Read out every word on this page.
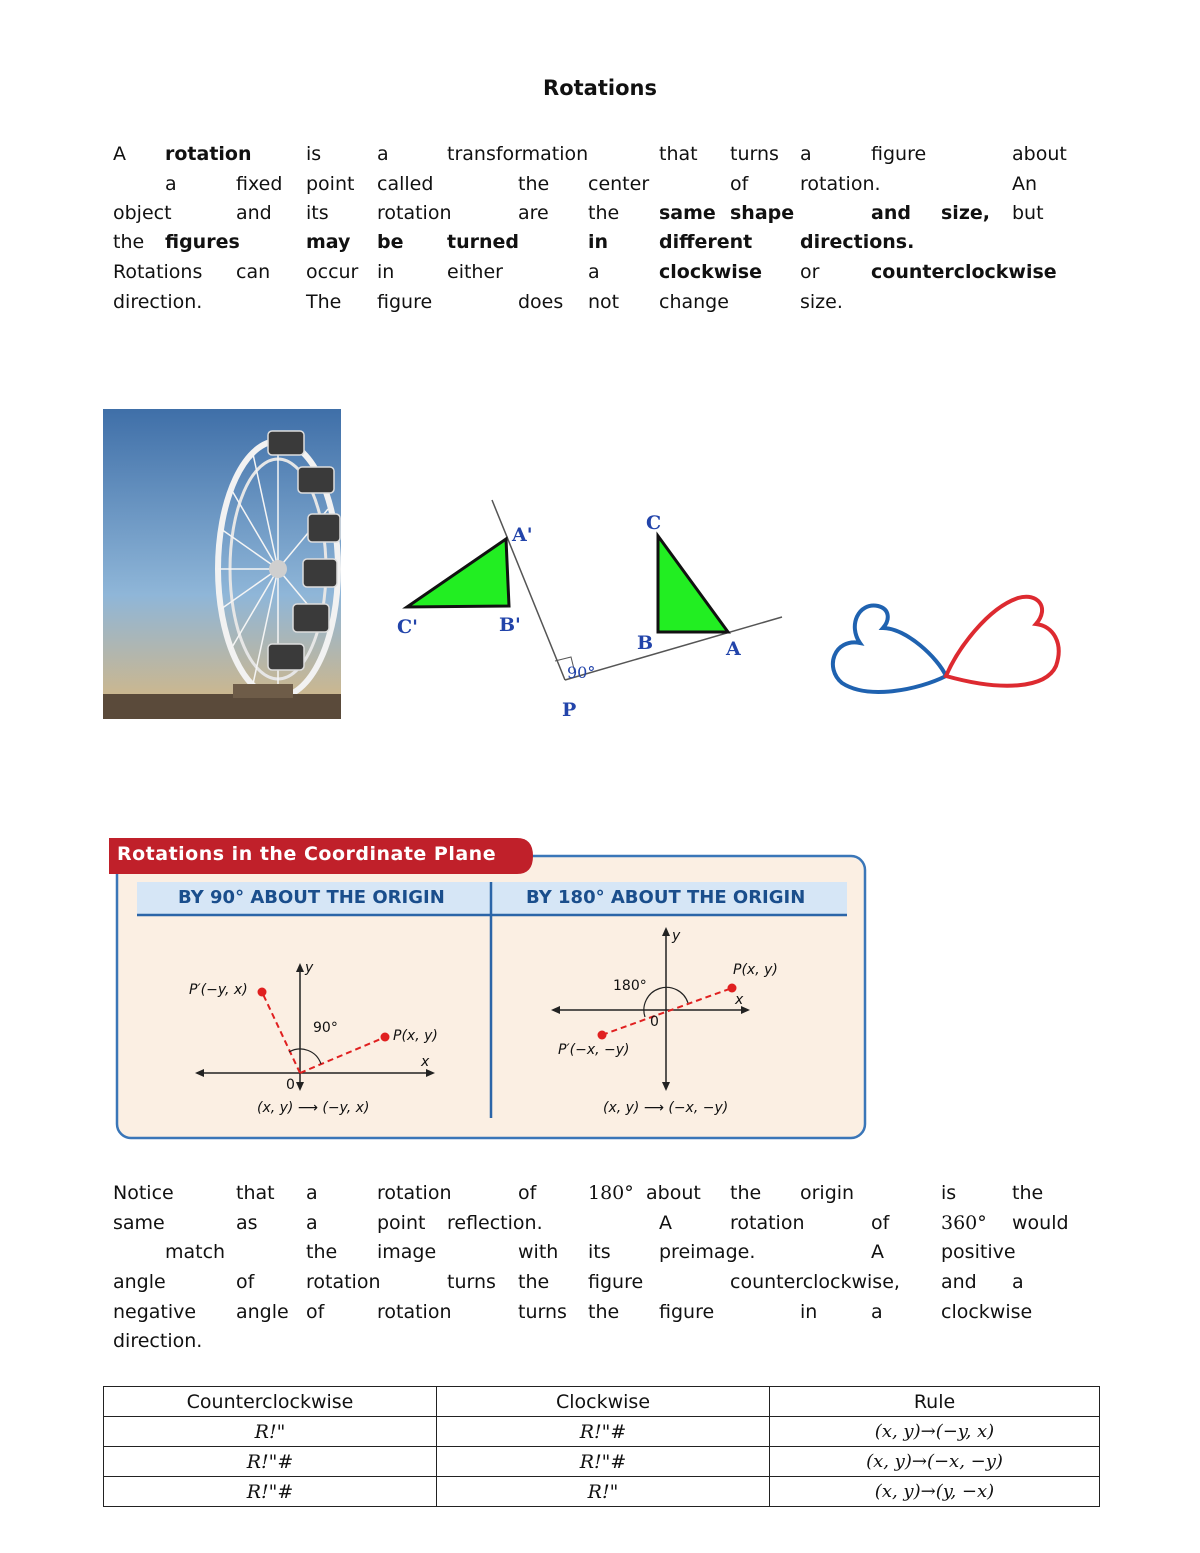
Rotations
A rotation	is	a	transformation	that turns a	figure	about
a	fixed point called	the center	of	rotation.	An
object	and its	rotation	are the same shape	and size, but
the figures	may be turned	in	different	directions.
Rotations can occur in	either	a	clockwise or	counterclockwise
direction.	The figure	does not change	size.
A'
B'
C'
C
B	A
P
90°
Rotations in the Coordinate Plane
BY 90° ABOUT THE ORIGIN	BY 180° ABOUT THE ORIGIN
y
x
P′(−y, x)
P(x, y)
90°
0
(x, y) ⟶ (−y, x)
y
x
P(x, y)
P′(−x, −y)
180°
0
(x, y) ⟶ (−x, −y)
Notice	that a	rotation	of	180° about the origin	is	the
same	as	a	point reflection.	A	rotation	of	360° would
match	the image	with its	preimage.	A	positive
angle	of	rotation	turns the figure	counterclockwise, and a
negative angle of	rotation	turns the figure	in	a	clockwise
direction.
Counterclockwise	Clockwise	Rule
R!"	R!"#	(x, y)→(−y, x)
R!"#	R!"#	(x, y)→(−x, −y)
R!"#	R!"	(x, y)→(y, −x)
